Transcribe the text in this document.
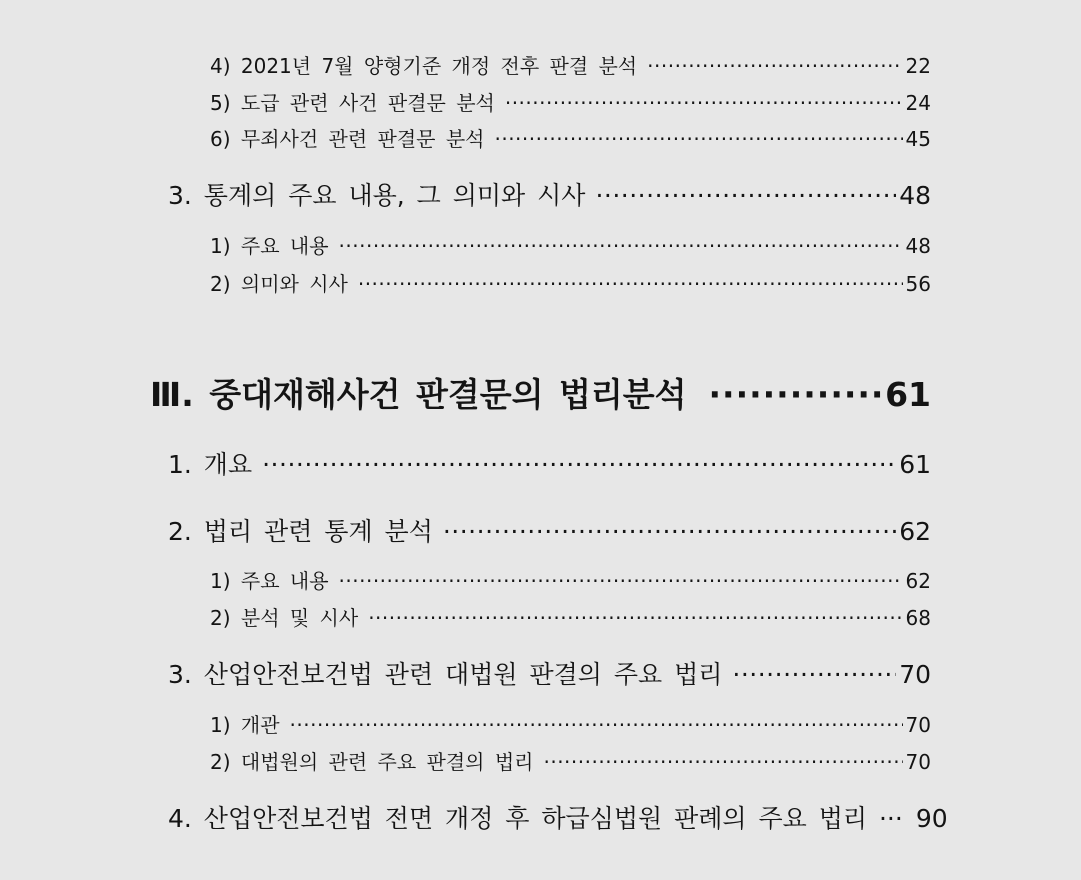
4) 2021년 7월 양형기준 개정 전후 판결 분석 ·····	22
5) 도급 관련 사건 판결문 분석 ·····	24
6) 무죄사건 관련 판결문 분석 ·····	45
3. 통계의 주요 내용, 그 의미와 시사 ·····	48
1) 주요 내용 ·····	48
2) 의미와 시사 ·····	56
Ⅲ. 중대재해사건 판결문의 법리분석 ·····	61
1. 개요 ·····	61
2. 법리 관련 통계 분석 ·····	62
1) 주요 내용 ·····	62
2) 분석 및 시사 ·····	68
3. 산업안전보건법 관련 대법원 판결의 주요 법리 ·····	70
1) 개관 ·····	70
2) 대법원의 관련 주요 판결의 법리 ·····	70
4. 산업안전보건법 전면 개정 후 하급심법원 판례의 주요 법리 ··· 90
